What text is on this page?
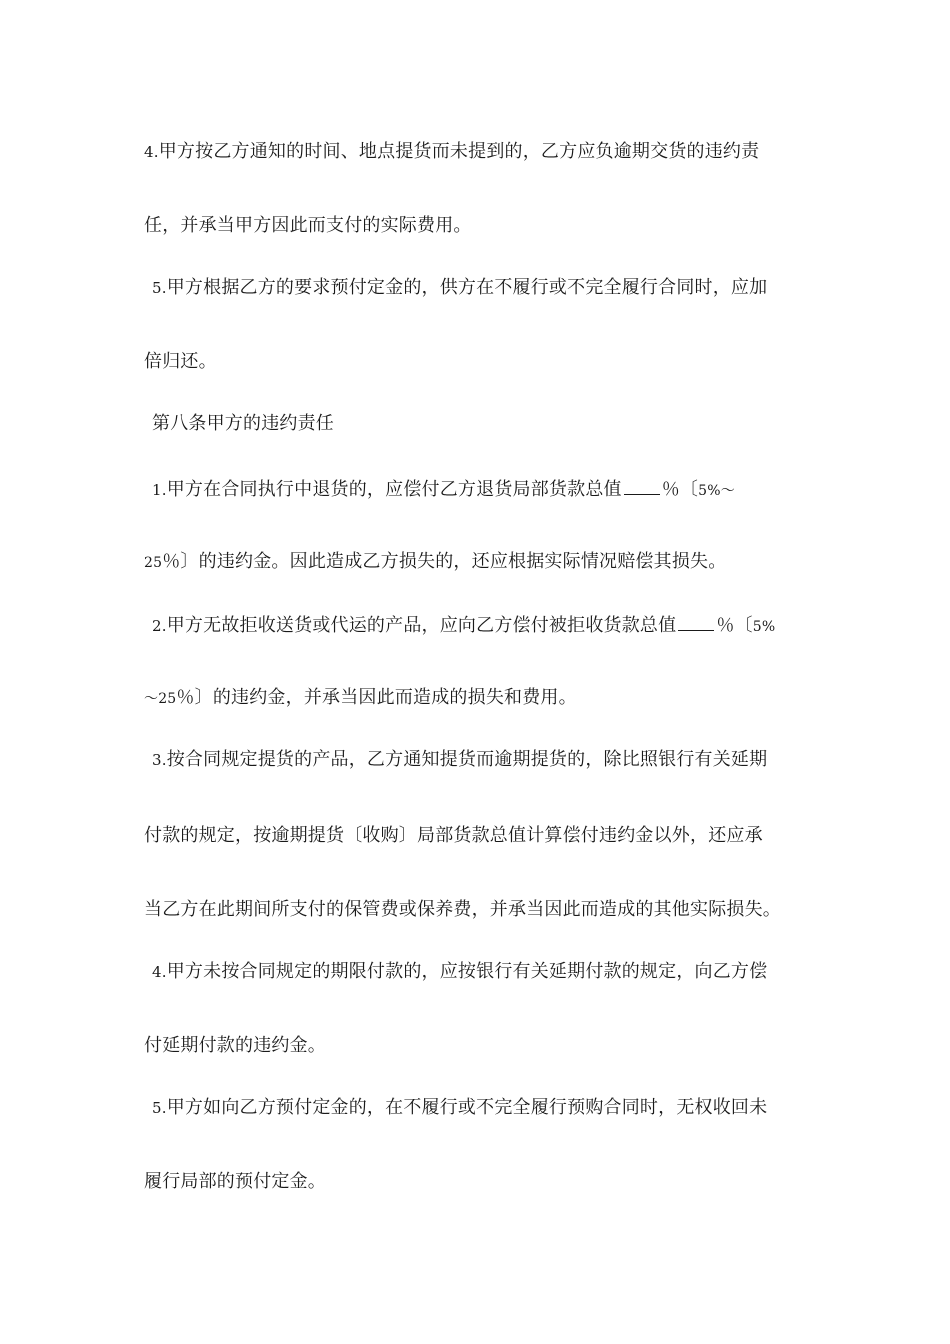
4.甲方按乙方通知的时间、地点提货而未提到的，乙方应负逾期交货的违约责
任，并承当甲方因此而支付的实际费用。
5.甲方根据乙方的要求预付定金的，供方在不履行或不完全履行合同时，应加
倍归还。
第八条甲方的违约责任
1.甲方在合同执行中退货的，应偿付乙方退货局部货款总值 ％〔5%～
25％〕的违约金。因此造成乙方损失的，还应根据实际情况赔偿其损失。
2.甲方无故拒收送货或代运的产品，应向乙方偿付被拒收货款总值 ％〔5%
～25％〕的违约金，并承当因此而造成的损失和费用。
3.按合同规定提货的产品，乙方通知提货而逾期提货的，除比照银行有关延期
付款的规定，按逾期提货〔收购〕局部货款总值计算偿付违约金以外，还应承
当乙方在此期间所支付的保管费或保养费，并承当因此而造成的其他实际损失。
4.甲方未按合同规定的期限付款的，应按银行有关延期付款的规定，向乙方偿
付延期付款的违约金。
5.甲方如向乙方预付定金的，在不履行或不完全履行预购合同时，无权收回未
履行局部的预付定金。
